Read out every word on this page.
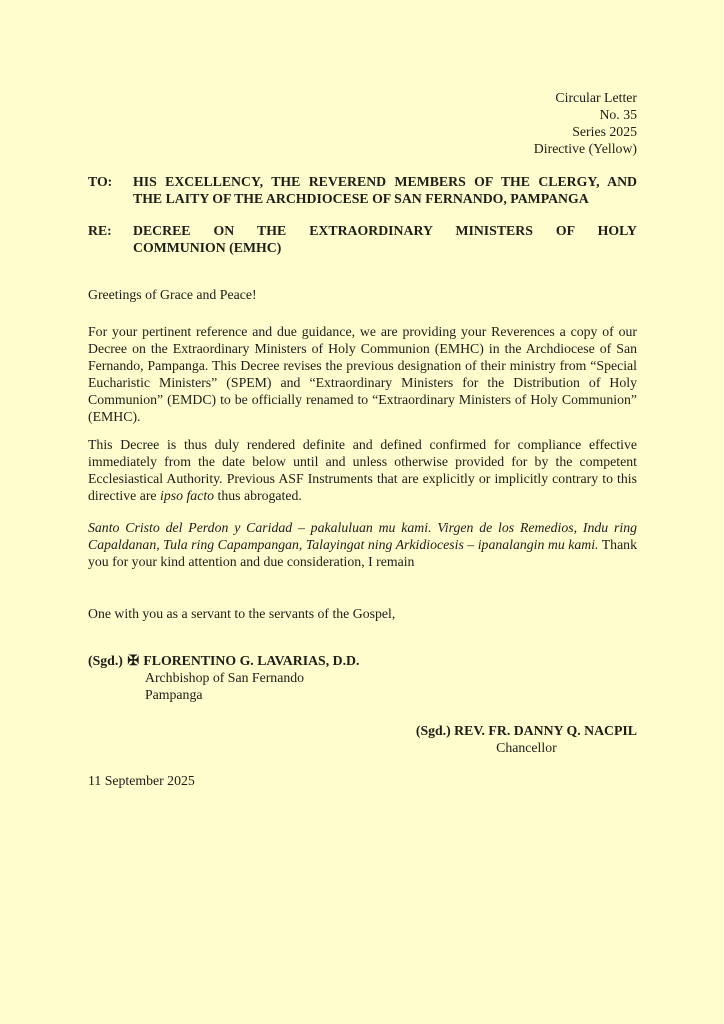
Circular Letter
No. 35
Series 2025
Directive (Yellow)
TO: HIS EXCELLENCY, THE REVEREND MEMBERS OF THE CLERGY, AND
THE LAITY OF THE ARCHDIOCESE OF SAN FERNANDO, PAMPANGA
RE: DECREE ON THE EXTRAORDINARY MINISTERS OF HOLY
COMMUNION (EMHC)

Greetings of Grace and Peace!

For your pertinent reference and due guidance, we are providing your Reverences a copy of our Decree on the Extraordinary Ministers of Holy Communion (EMHC) in the Archdiocese of San Fernando, Pampanga. This Decree revises the previous designation of their ministry from “Special Eucharistic Ministers” (SPEM) and “Extraordinary Ministers for the Distribution of Holy Communion” (EMDC) to be officially renamed to “Extraordinary Ministers of Holy Communion” (EMHC).

This Decree is thus duly rendered definite and defined confirmed for compliance effective immediately from the date below until and unless otherwise provided for by the competent Ecclesiastical Authority. Previous ASF Instruments that are explicitly or implicitly contrary to this directive are ipso facto thus abrogated.

Santo Cristo del Perdon y Caridad – pakaluluan mu kami. Virgen de los Remedios, Indu ring Capaldanan, Tula ring Capampangan, Talayingat ning Arkidiocesis – ipanalangin mu kami. Thank you for your kind attention and due consideration, I remain

One with you as a servant to the servants of the Gospel,

(Sgd.) ✠ FLORENTINO G. LAVARIAS, D.D.
Archbishop of San Fernando
Pampanga
(Sgd.) REV. FR. DANNY Q. NACPIL
Chancellor

11 September 2025
